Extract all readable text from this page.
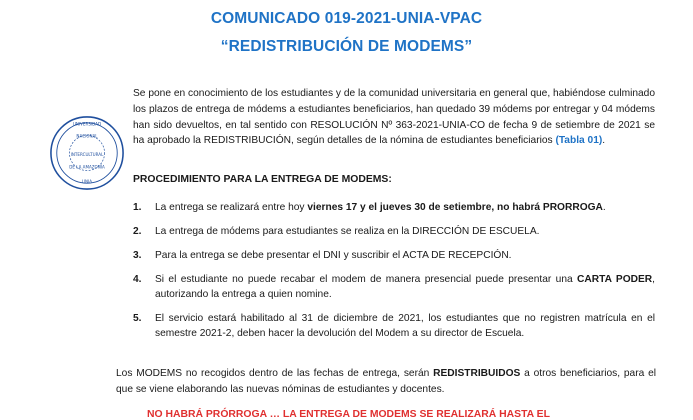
COMUNICADO 019-2021-UNIA-VPAC
“REDISTRIBUCIÓN DE MODEMS”
UNIVERSIDAD
NACIONAL
INTERCULTURAL
DE LA AMAZONÍA
UNIA
Se pone en conocimiento de los estudiantes y de la comunidad universitaria en general que, habiéndose culminado los plazos de entrega de módems a estudiantes beneficiarios, han quedado 39 módems por entregar y 04 módems han sido devueltos, en tal sentido con RESOLUCIÓN Nº 363-2021-UNIA-CO de fecha 9 de setiembre de 2021 se ha aprobado la REDISTRIBUCIÓN, según detalles de la nómina de estudiantes beneficiarios (Tabla 01).
PROCEDIMIENTO PARA LA ENTREGA DE MODEMS:
1. La entrega se realizará entre hoy viernes 17 y el jueves 30 de setiembre, no habrá PRORROGA.
2. La entrega de módems para estudiantes se realiza en la DIRECCIÓN DE ESCUELA.
3. Para la entrega se debe presentar el DNI y suscribir el ACTA DE RECEPCIÓN.
4. Si el estudiante no puede recabar el modem de manera presencial puede presentar una CARTA PODER, autorizando la entrega a quien nomine.
5. El servicio estará habilitado al 31 de diciembre de 2021, los estudiantes que no registren matrícula en el semestre 2021-2, deben hacer la devolución del Modem a su director de Escuela.
Los MODEMS no recogidos dentro de las fechas de entrega, serán REDISTRIBUIDOS a otros beneficiarios, para el que se viene elaborando las nuevas nóminas de estudiantes y docentes.
NO HABRÁ PRÓRROGA … LA ENTREGA DE MODEMS SE REALIZARÁ HASTA EL
